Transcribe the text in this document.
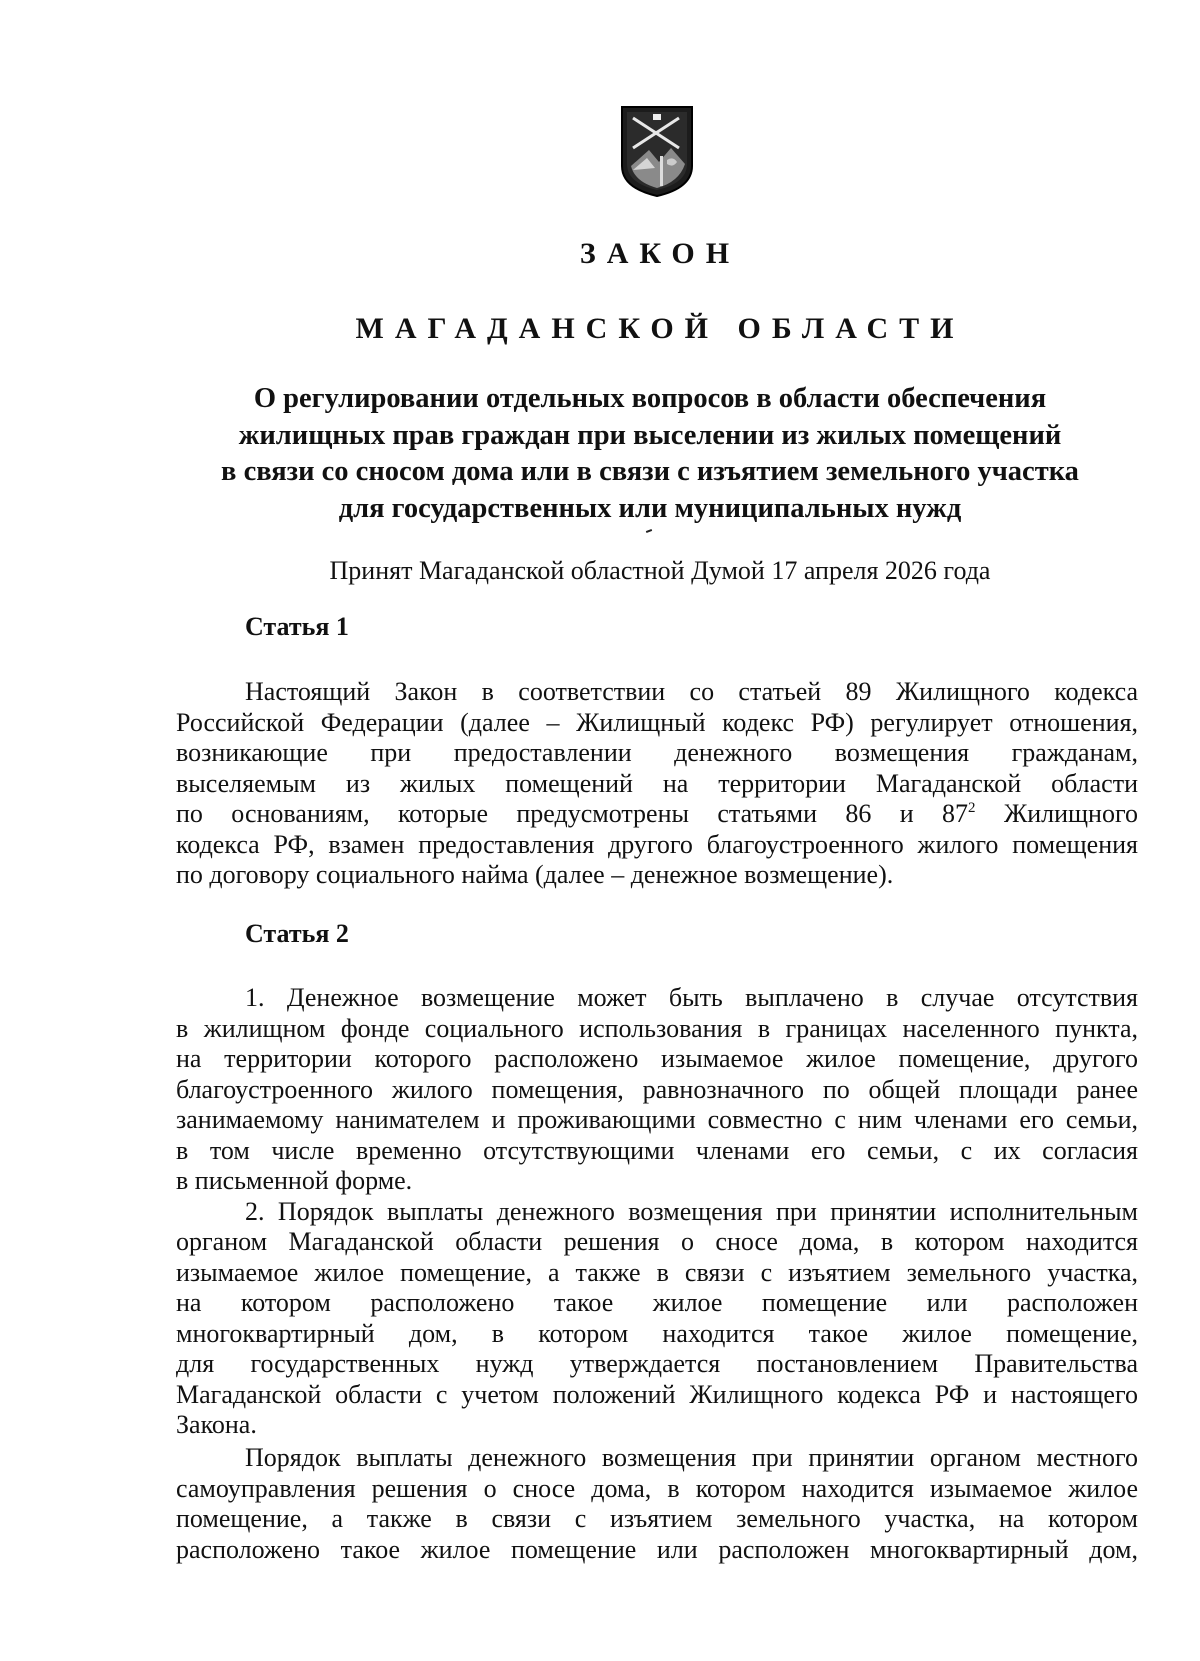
ЗАКОН
МАГАДАНСКОЙ ОБЛАСТИ
О регулировании отдельных вопросов в области обеспечения
жилищных прав граждан при выселении из жилых помещений
в связи со сносом дома или в связи с изъятием земельного участка
для государственных или муниципальных нужд
Принят Магаданской областной Думой 17 апреля 2026 года
Статья 1
Настоящий Закон в соответствии со статьей 89 Жилищного кодекса
Российской Федерации (далее – Жилищный кодекс РФ) регулирует отношения,
возникающие при предоставлении денежного возмещения гражданам,
выселяемым из жилых помещений на территории Магаданской области
по основаниям, которые предусмотрены статьями 86 и $87^2$ Жилищного
кодекса РФ, взамен предоставления другого благоустроенного жилого помещения
по договору социального найма (далее – денежное возмещение).
Статья 2
1. Денежное возмещение может быть выплачено в случае отсутствия
в жилищном фонде социального использования в границах населенного пункта,
на территории которого расположено изымаемое жилое помещение, другого
благоустроенного жилого помещения, равнозначного по общей площади ранее
занимаемому нанимателем и проживающими совместно с ним членами его семьи,
в том числе временно отсутствующими членами его семьи, с их согласия
в письменной форме.
2. Порядок выплаты денежного возмещения при принятии исполнительным
органом Магаданской области решения о сносе дома, в котором находится
изымаемое жилое помещение, а также в связи с изъятием земельного участка,
на котором расположено такое жилое помещение или расположен
многоквартирный дом, в котором находится такое жилое помещение,
для государственных нужд утверждается постановлением Правительства
Магаданской области с учетом положений Жилищного кодекса РФ и настоящего
Закона.
Порядок выплаты денежного возмещения при принятии органом местного
самоуправления решения о сносе дома, в котором находится изымаемое жилое
помещение, а также в связи с изъятием земельного участка, на котором
расположено такое жилое помещение или расположен многоквартирный дом,
